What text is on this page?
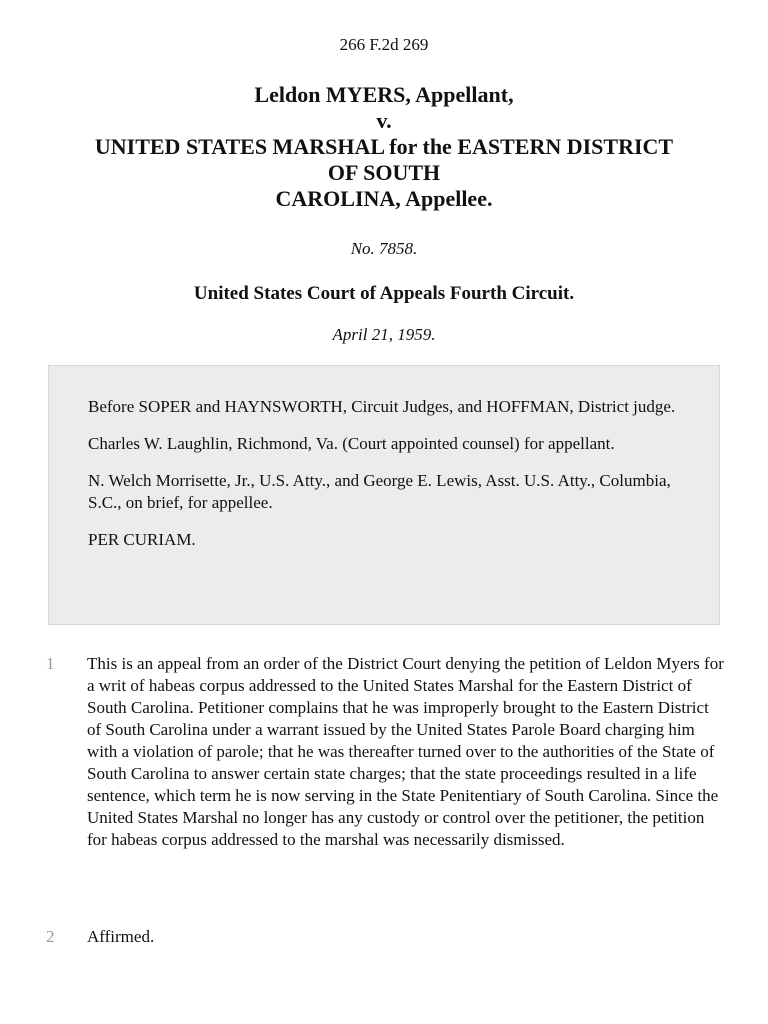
266 F.2d 269
Leldon MYERS, Appellant,
v.
UNITED STATES MARSHAL for the EASTERN DISTRICT
OF SOUTH
CAROLINA, Appellee.
No. 7858.
United States Court of Appeals Fourth Circuit.
April 21, 1959.

Before SOPER and HAYNSWORTH, Circuit Judges, and HOFFMAN, District judge.

Charles W. Laughlin, Richmond, Va. (Court appointed counsel) for appellant.

N. Welch Morrisette, Jr., U.S. Atty., and George E. Lewis, Asst. U.S. Atty., Columbia, S.C., on brief, for appellee.

PER CURIAM.

1 This is an appeal from an order of the District Court denying the petition of Leldon Myers for a writ of habeas corpus addressed to the United States Marshal for the Eastern District of South Carolina. Petitioner complains that he was improperly brought to the Eastern District of South Carolina under a warrant issued by the United States Parole Board charging him with a violation of parole; that he was thereafter turned over to the authorities of the State of South Carolina to answer certain state charges; that the state proceedings resulted in a life sentence, which term he is now serving in the State Penitentiary of South Carolina. Since the United States Marshal no longer has any custody or control over the petitioner, the petition for habeas corpus addressed to the marshal was necessarily dismissed.
2 Affirmed.
